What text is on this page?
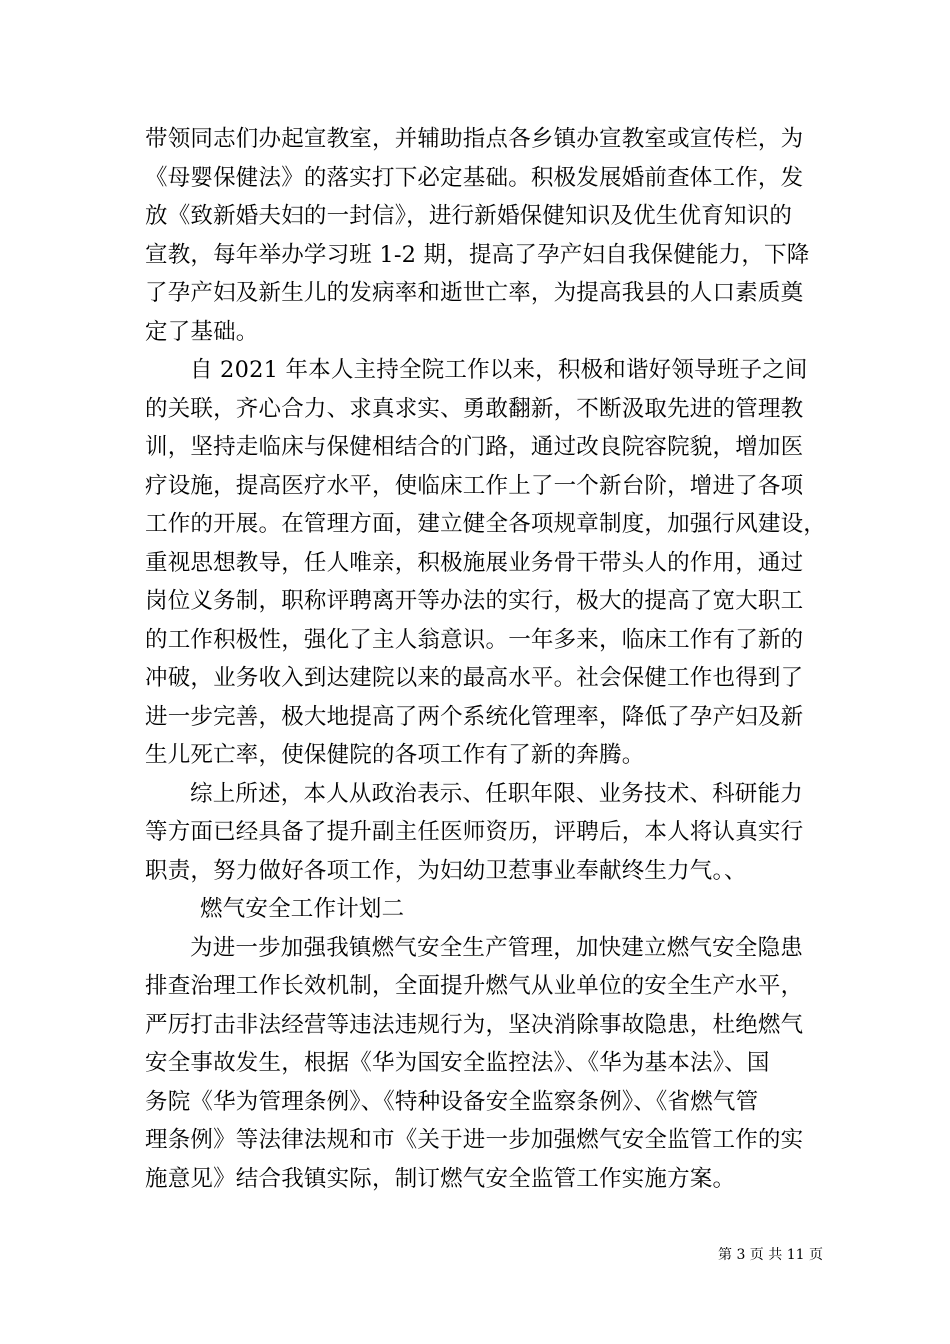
带领同志们办起宣教室，并辅助指点各乡镇办宣教室或宣传栏，为
《母婴保健法》的落实打下必定基础。积极发展婚前查体工作，发
放《致新婚夫妇的一封信》，进行新婚保健知识及优生优育知识的
宣教，每年举办学习班 1-2 期，提高了孕产妇自我保健能力，下降
了孕产妇及新生儿的发病率和逝世亡率，为提高我县的人口素质奠
定了基础。
自 2021 年本人主持全院工作以来，积极和谐好领导班子之间
的关联，齐心合力、求真求实、勇敢翻新，不断汲取先进的管理教
训，坚持走临床与保健相结合的门路，通过改良院容院貌，增加医
疗设施，提高医疗水平，使临床工作上了一个新台阶，增进了各项
工作的开展。在管理方面，建立健全各项规章制度，加强行风建设，
重视思想教导，任人唯亲，积极施展业务骨干带头人的作用，通过
岗位义务制，职称评聘离开等办法的实行，极大的提高了宽大职工
的工作积极性，强化了主人翁意识。一年多来，临床工作有了新的
冲破，业务收入到达建院以来的最高水平。社会保健工作也得到了
进一步完善，极大地提高了两个系统化管理率，降低了孕产妇及新
生儿死亡率，使保健院的各项工作有了新的奔腾。
综上所述，本人从政治表示、任职年限、业务技术、科研能力
等方面已经具备了提升副主任医师资历，评聘后，本人将认真实行
职责，努力做好各项工作，为妇幼卫惹事业奉献终生力气。、
燃气安全工作计划二
为进一步加强我镇燃气安全生产管理，加快建立燃气安全隐患
排查治理工作长效机制，全面提升燃气从业单位的安全生产水平，
严厉打击非法经营等违法违规行为，坚决消除事故隐患，杜绝燃气
安全事故发生，根据《华为国安全监控法》、《华为基本法》、国
务院《华为管理条例》、《特种设备安全监察条例》、《省燃气管
理条例》等法律法规和市《关于进一步加强燃气安全监管工作的实
施意见》结合我镇实际，制订燃气安全监管工作实施方案。
第 3 页 共 11 页
